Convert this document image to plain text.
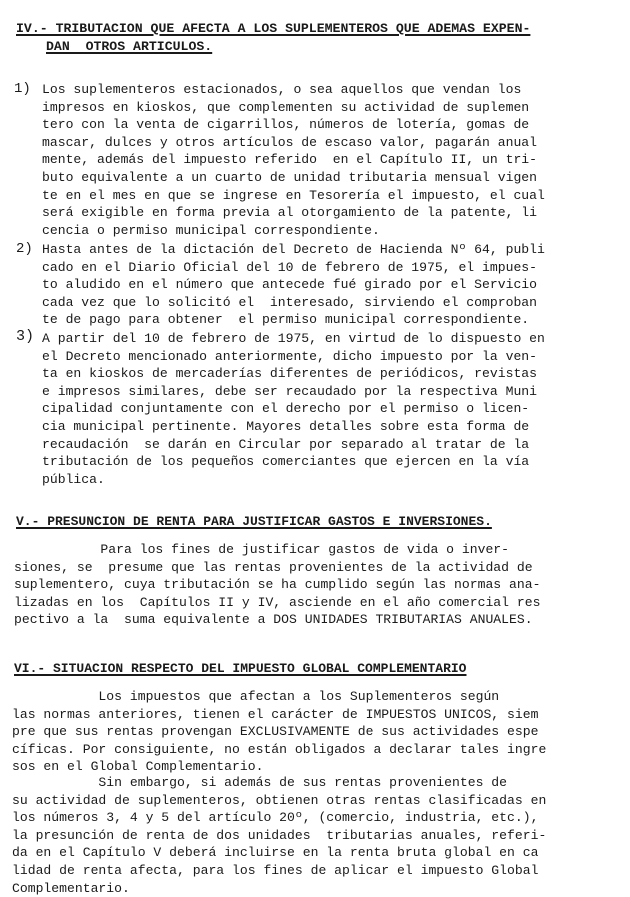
IV.- TRIBUTACION QUE AFECTA A LOS SUPLEMENTEROS QUE ADEMAS EXPEN-
DAN  OTROS ARTICULOS.
1) Los suplementeros estacionados, o sea aquellos que vendan los
impresos en kioskos, que complementen su actividad de suplemen
tero con la venta de cigarrillos, números de lotería, gomas de
mascar, dulces y otros artículos de escaso valor, pagarán anual
mente, además del impuesto referido  en el Capítulo II, un tri-
buto equivalente a un cuarto de unidad tributaria mensual vigen
te en el mes en que se ingrese en Tesorería el impuesto, el cual
será exigible en forma previa al otorgamiento de la patente, li
cencia o permiso municipal correspondiente.
2) Hasta antes de la dictación del Decreto de Hacienda Nº 64, publi
cado en el Diario Oficial del 10 de febrero de 1975, el impues-
to aludido en el número que antecede fué girado por el Servicio
cada vez que lo solicitó el  interesado, sirviendo el comproban
te de pago para obtener  el permiso municipal correspondiente.
3) A partir del 10 de febrero de 1975, en virtud de lo dispuesto en
el Decreto mencionado anteriormente, dicho impuesto por la ven-
ta en kioskos de mercaderías diferentes de periódicos, revistas
e impresos similares, debe ser recaudado por la respectiva Muni
cipalidad conjuntamente con el derecho por el permiso o licen-
cia municipal pertinente. Mayores detalles sobre esta forma de
recaudación  se darán en Circular por separado al tratar de la
tributación de los pequeños comerciantes que ejercen en la vía
pública.
V.- PRESUNCION DE RENTA PARA JUSTIFICAR GASTOS E INVERSIONES.
Para los fines de justificar gastos de vida o inver-
siones, se  presume que las rentas provenientes de la actividad de
suplementero, cuya tributación se ha cumplido según las normas ana-
lizadas en los  Capítulos II y IV, asciende en el año comercial res
pectivo a la  suma equivalente a DOS UNIDADES TRIBUTARIAS ANUALES.
VI.- SITUACION RESPECTO DEL IMPUESTO GLOBAL COMPLEMENTARIO
Los impuestos que afectan a los Suplementeros según
las normas anteriores, tienen el carácter de IMPUESTOS UNICOS, siem
pre que sus rentas provengan EXCLUSIVAMENTE de sus actividades espe
cíficas. Por consiguiente, no están obligados a declarar tales ingre
sos en el Global Complementario.
Sin embargo, si además de sus rentas provenientes de
su actividad de suplementeros, obtienen otras rentas clasificadas en
los números 3, 4 y 5 del artículo 20º, (comercio, industria, etc.),
la presunción de renta de dos unidades  tributarias anuales, referi-
da en el Capítulo V deberá incluirse en la renta bruta global en ca
lidad de renta afecta, para los fines de aplicar el impuesto Global
Complementario.
